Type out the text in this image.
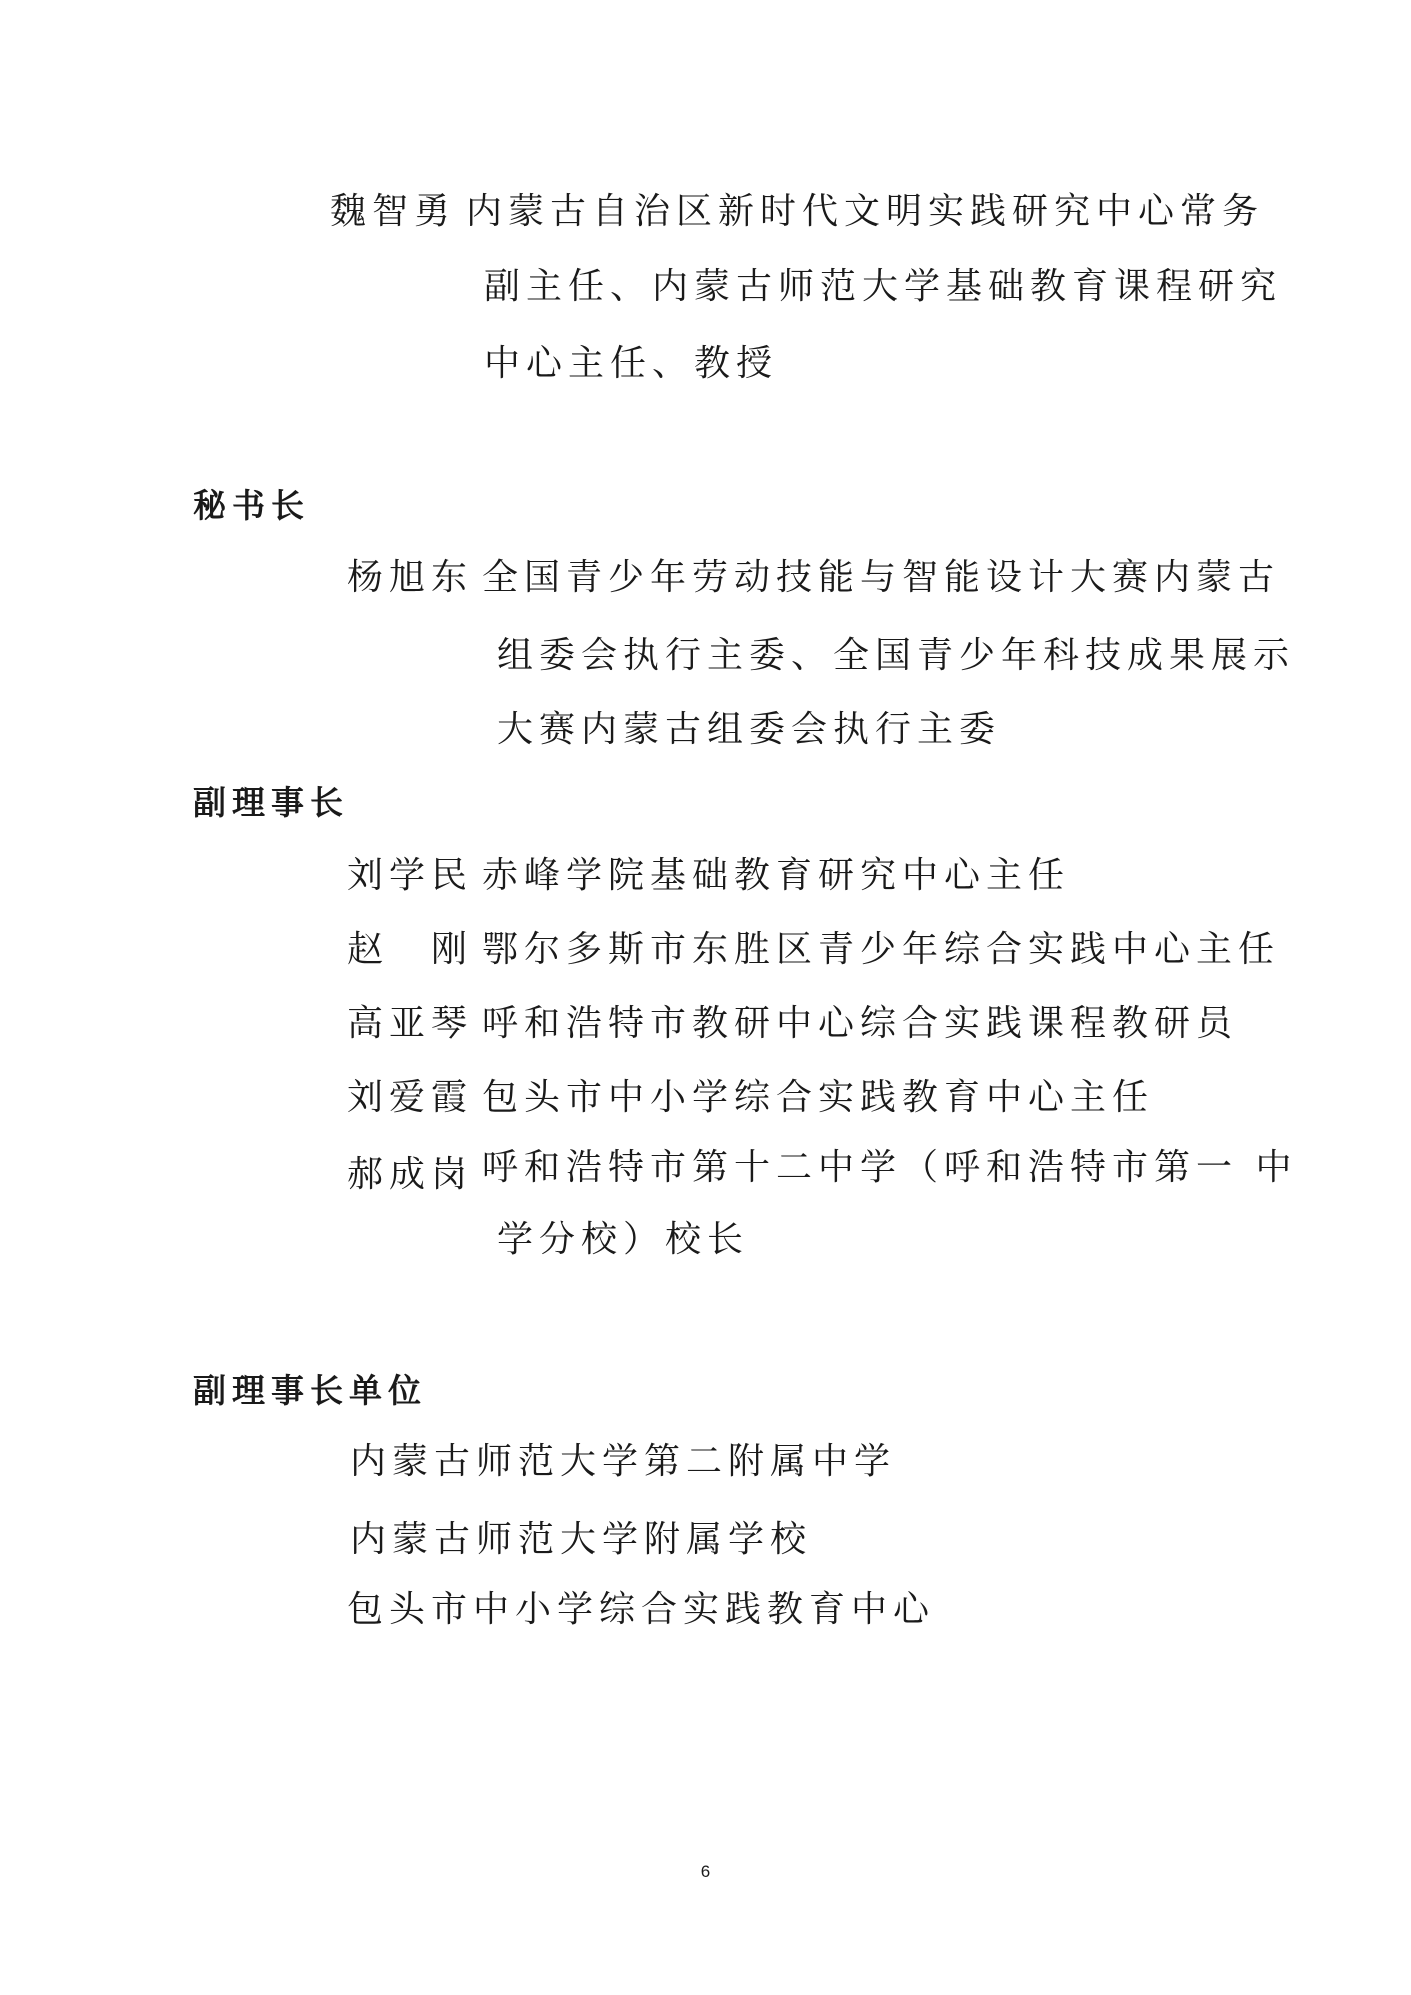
魏智勇 内蒙古自治区新时代文明实践研究中心常务
副主任、内蒙古师范大学基础教育课程研究
中心主任、教授
秘书长
杨旭东 全国青少年劳动技能与智能设计大赛内蒙古
组委会执行主委、全国青少年科技成果展示
大赛内蒙古组委会执行主委
副理事长
刘学民 赤峰学院基础教育研究中心主任
赵　刚 鄂尔多斯市东胜区青少年综合实践中心主任
高亚琴 呼和浩特市教研中心综合实践课程教研员
刘爱霞 包头市中小学综合实践教育中心主任
郝成岗 呼和浩特市第十二中学（呼和浩特市第一 中
学分校）校长
副理事长单位
内蒙古师范大学第二附属中学
内蒙古师范大学附属学校
包头市中小学综合实践教育中心
6
